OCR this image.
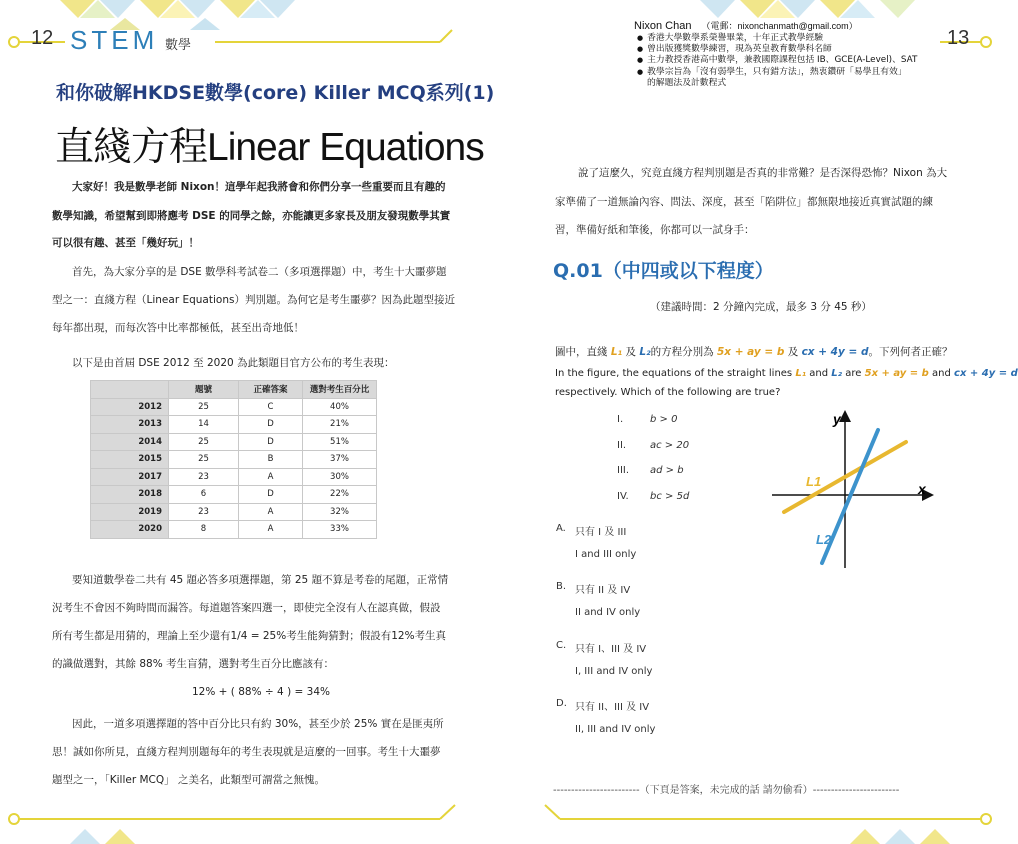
12 STEM 數學
和你破解HKDSE數學(core) Killer MCQ系列(1)
直綫方程Linear Equations
大家好！我是數學老師 Nixon！這學年起我將會和你們分享一些重要而且有趣的
數學知識，希望幫到即將應考 DSE 的同學之餘，亦能讓更多家長及朋友發現數學其實
可以很有趣、甚至「幾好玩」！
首先，為大家分享的是 DSE 數學科考試卷二（多項選擇題）中，考生十大噩夢題
型之一：直綫方程（Linear Equations）判別題。為何它是考生噩夢？因為此題型接近
每年都出現，而每次答中比率都極低，甚至出奇地低！
以下是由首屆 DSE 2012 至 2020 為此類題目官方公布的考生表現：
	題號	正確答案	選對考生百分比
2012	25	C	40%
2013	14	D	21%
2014	25	D	51%
2015	25	B	37%
2017	23	A	30%
2018	6	D	22%
2019	23	A	32%
2020	8	A	33%
要知道數學卷二共有 45 題必答多項選擇題，第 25 題不算是考卷的尾題，正常情
況考生不會因不夠時間而漏答。每道題答案四選一，即使完全沒有人在認真做，假設
所有考生都是用猜的，理論上至少還有1/4 = 25%考生能夠猜對；假設有12%考生真
的識做選對，其餘 88% 考生盲猜，選對考生百分比應該有：
12% + ( 88% ÷ 4 ) = 34%
因此，一道多項選擇題的答中百分比只有約 30%，甚至少於 25% 實在是匪夷所
思！誠如你所見，直綫方程判別題每年的考生表現就是這麼的一回事。考生十大噩夢
題型之一，「Killer MCQ」 之美名，此類型可謂當之無愧。
13
Nixon Chan （電郵：nixonchanmath@gmail.com）
● 香港大學數學系榮譽畢業，十年正式教學經驗
● 曾出版獲獎數學練習，現為英皇教育數學科名師
● 主力教授香港高中數學，兼教國際課程包括 IB、GCE(A-Level)、SAT
● 教學宗旨為「沒有弱學生，只有錯方法」，熱衷鑽研「易學且有效」
的解題法及計數程式
說了這麼久，究竟直綫方程判別題是否真的非常難？是否深得恐怖？Nixon 為大
家準備了一道無論內容、問法、深度，甚至「陷阱位」都無限地接近真實試題的練
習，準備好紙和筆後，你都可以一試身手：
Q.01（中四或以下程度）
（建議時間：2 分鐘內完成，最多 3 分 45 秒）
圖中，直綫 L₁ 及 L₂的方程分別為 5x + ay = b 及 cx + 4y = d。下列何者正確？
In the figure, the equations of the straight lines L₁ and L₂ are 5x + ay = b and cx + 4y = d
respectively. Which of the following are true?
I.	b > 0
II. ac > 20
III. ad > b
IV. bc > 5d
A. 只有 I 及 III
I and III only
B. 只有 II 及 IV
II and IV only
C. 只有 I、III 及 IV
I, III and IV only
D. 只有 II、III 及 IV
II, III and IV only
y
x
L1
L2
------------------------（下頁是答案，未完成的話 請勿偷看）------------------------
